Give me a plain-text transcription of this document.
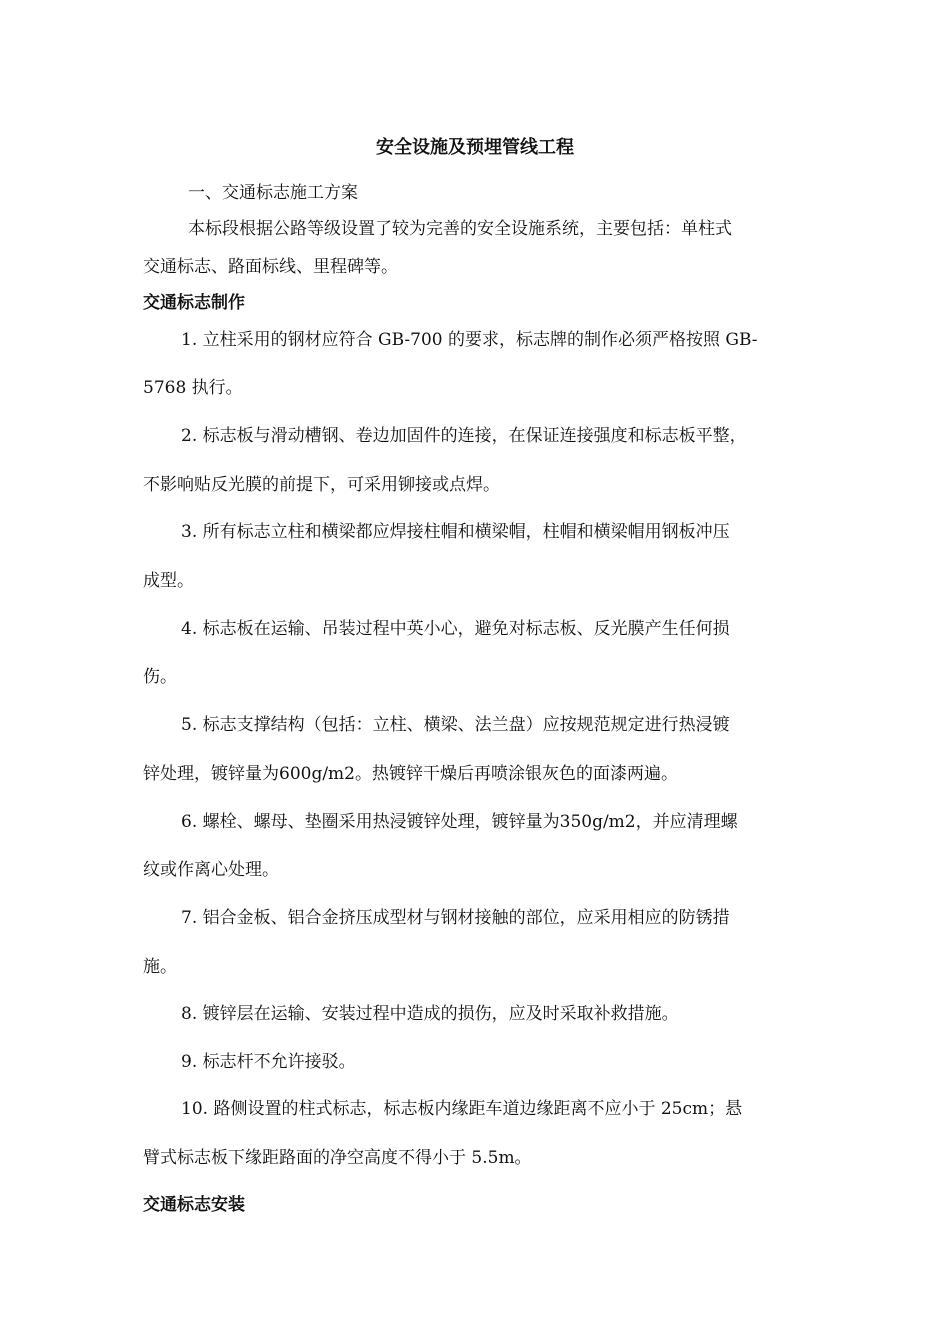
安全设施及预埋管线工程
一、交通标志施工方案
本标段根据公路等级设置了较为完善的安全设施系统，主要包括：单柱式
交通标志、路面标线、里程碑等。
交通标志制作
1. 立柱采用的钢材应符合 GB-700 的要求，标志牌的制作必须严格按照 GB-
5768 执行。
2. 标志板与滑动槽钢、卷边加固件的连接，在保证连接强度和标志板平整，
不影响贴反光膜的前提下，可采用铆接或点焊。
3. 所有标志立柱和横梁都应焊接柱帽和横梁帽，柱帽和横梁帽用钢板冲压
成型。
4. 标志板在运输、吊装过程中英小心，避免对标志板、反光膜产生任何损
伤。
5. 标志支撑结构（包括：立柱、横梁、法兰盘）应按规范规定进行热浸镀
锌处理，镀锌量为600g/m2。热镀锌干燥后再喷涂银灰色的面漆两遍。
6. 螺栓、螺母、垫圈采用热浸镀锌处理，镀锌量为350g/m2，并应清理螺
纹或作离心处理。
7. 铝合金板、铝合金挤压成型材与钢材接触的部位，应采用相应的防锈措
施。
8. 镀锌层在运输、安装过程中造成的损伤，应及时采取补救措施。
9. 标志杆不允许接驳。
10. 路侧设置的柱式标志，标志板内缘距车道边缘距离不应小于 25cm；悬
臂式标志板下缘距路面的净空高度不得小于 5.5m。
交通标志安装
